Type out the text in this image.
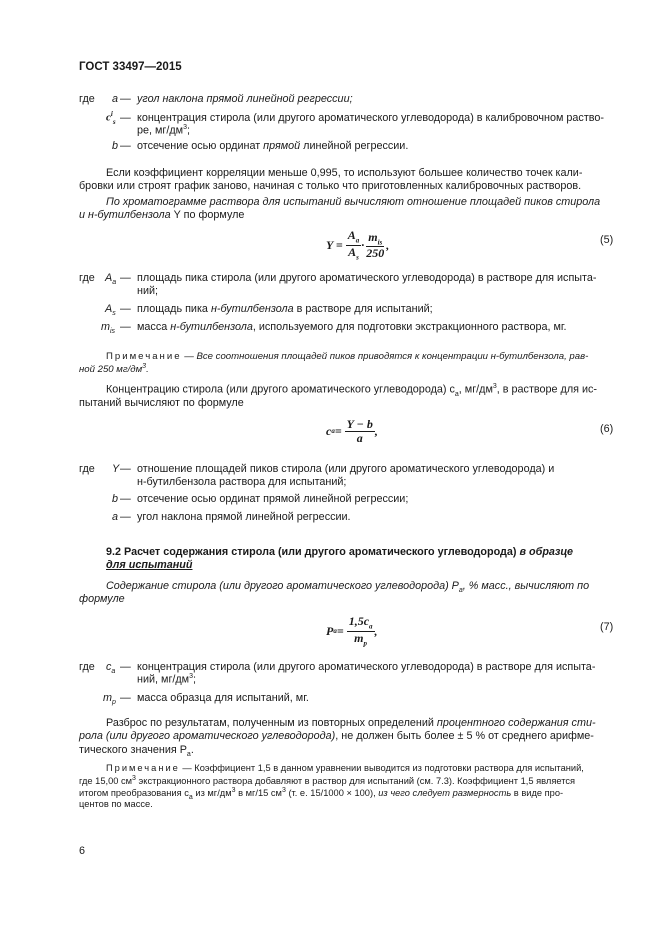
ГОСТ 33497—2015
где a — угол наклона прямой линейной регрессии;
$c^i_s$ — концентрация стирола (или другого ароматического углеводорода) в калибровочном раство-
ре, $мг/дм^3$;
b — отсечение осью ординат прямой линейной регрессии.
Если коэффициент корреляции меньше 0,995, то используют большее количество точек кали-
бровки или строят график заново, начиная с только что приготовленных калибровочных растворов.
По хроматограмме раствора для испытаний вычисляют отношение площадей пиков стирола
и н-бутилбензола Y по формуле
Y =
$\frac{A_a}{A_s} \cdot \frac{m_{is}}{250}$ ,	(5)
где $A_a$ — площадь пика стирола (или другого ароматического углеводорода) в растворе для испыта-
ний;
$A_s$ — площадь пика н-бутилбензола в растворе для испытаний;
$m_{is}$ — масса н-бутилбензола, используемого для подготовки экстракционного раствора, мг.
Примечание — Все соотношения площадей пиков приводятся к концентрации н-бутилбензола, рав-
ной 250 $мг/дм^3$.
Концентрацию стирола (или другого ароматического углеводорода) $c_a$, $мг/дм^3$, в растворе для ис-
пытаний вычисляют по формуле
c a =
$\frac{Y - b}{a}$ ,	(6)
где Y — отношение площадей пиков стирола (или другого ароматического углеводорода) и
н-бутилбензола раствора для испытаний;
b — отсечение осью ординат прямой линейной регрессии;
a — угол наклона прямой линейной регрессии.
9.2 Расчет содержания стирола (или другого ароматического углеводорода) в образце
для испытаний
Содержание стирола (или другого ароматического углеводорода) $P_a$, % масс., вычисляют по
формуле
P a =
$\frac{1,5c_a}{m_p}$ ,	(7)
где $c_a$ — концентрация стирола (или другого ароматического углеводорода) в растворе для испыта-
ний, $мг/дм^3$;
$m_p$ — масса образца для испытаний, мг.
Разброс по результатам, полученным из повторных определений процентного содержания сти-
рола (или другого ароматического углеводорода), не должен быть более ± 5 % от среднего арифме-
тического значения $P_a$.
Примечание — Коэффициент 1,5 в данном уравнении выводится из подготовки раствора для испытаний,
где 15,00 $см^3$ экстракционного раствора добавляют в раствор для испытаний (см. 7.3). Коэффициент 1,5 является
итогом преобразования $c_a$ из $мг/дм^3$ в мг/15 $см^3$ (т. е. 15/1000 × 100), из чего следует размерность в виде про-
центов по массе.
6
